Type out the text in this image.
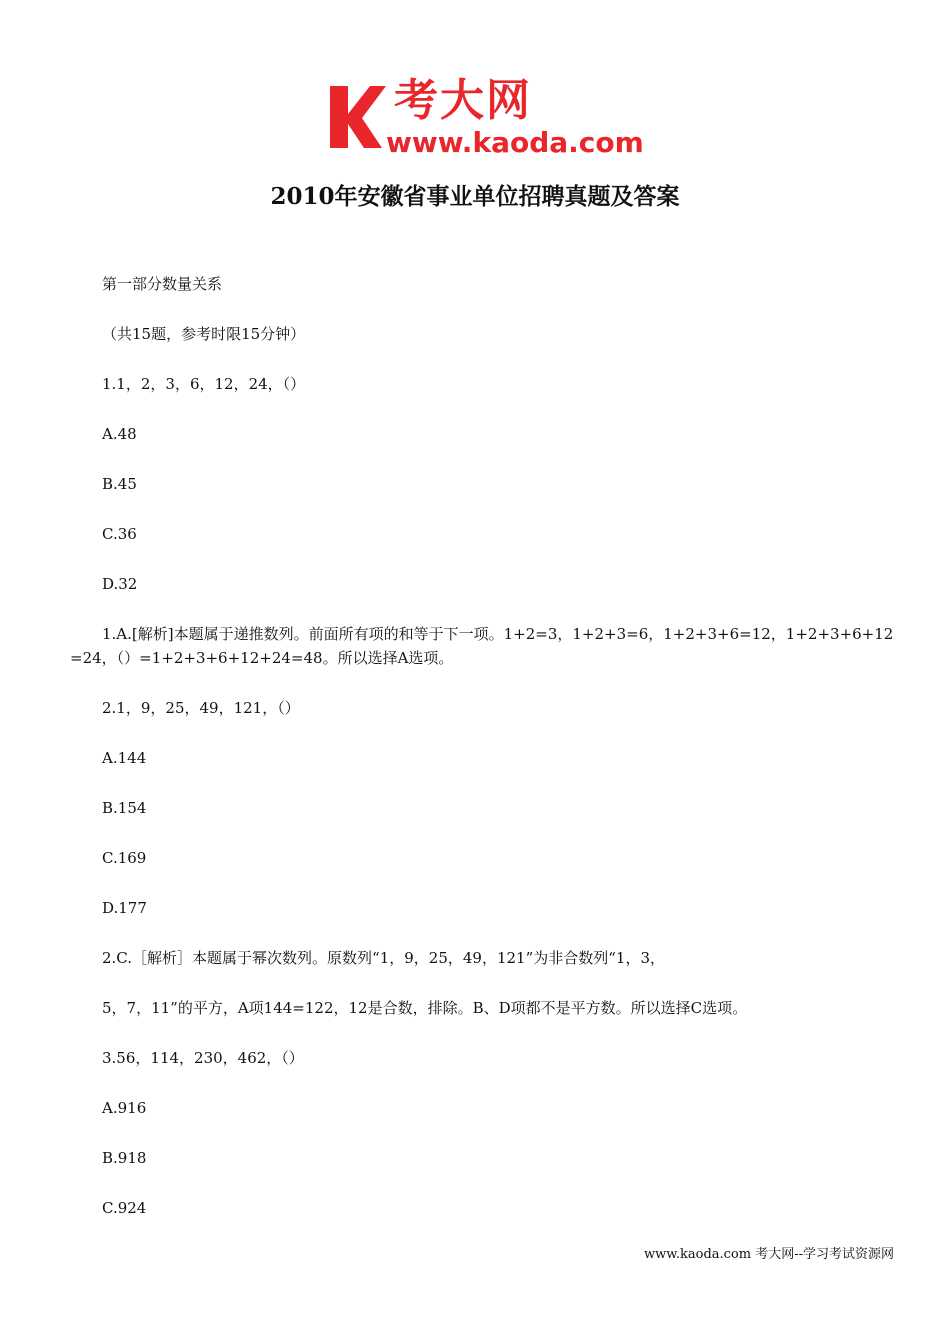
考大网
www.kaoda.com
2010年安徽省事业单位招聘真题及答案

第一部分数量关系

（共15题，参考时限15分钟）

1.1，2，3，6，12，24，（）

A.48

B.45

C.36

D.32

1.A.[解析]本题属于递推数列。前面所有项的和等于下一项。1+2=3，1+2+3=6，1+2+3+6=12，1+2+3+6+12=24，（）=1+2+3+6+12+24=48。所以选择A选项。

2.1，9，25，49，121，（）

A.144

B.154

C.169

D.177

2.C.［解析］本题属于幂次数列。原数列“1，9，25，49，121”为非合数列“1，3，

5，7，11”的平方，A项144=122，12是合数，排除。B、D项都不是平方数。所以选择C选项。

3.56，114，230，462，（）

A.916

B.918

C.924

www.kaoda.com 考大网--学习考试资源网
